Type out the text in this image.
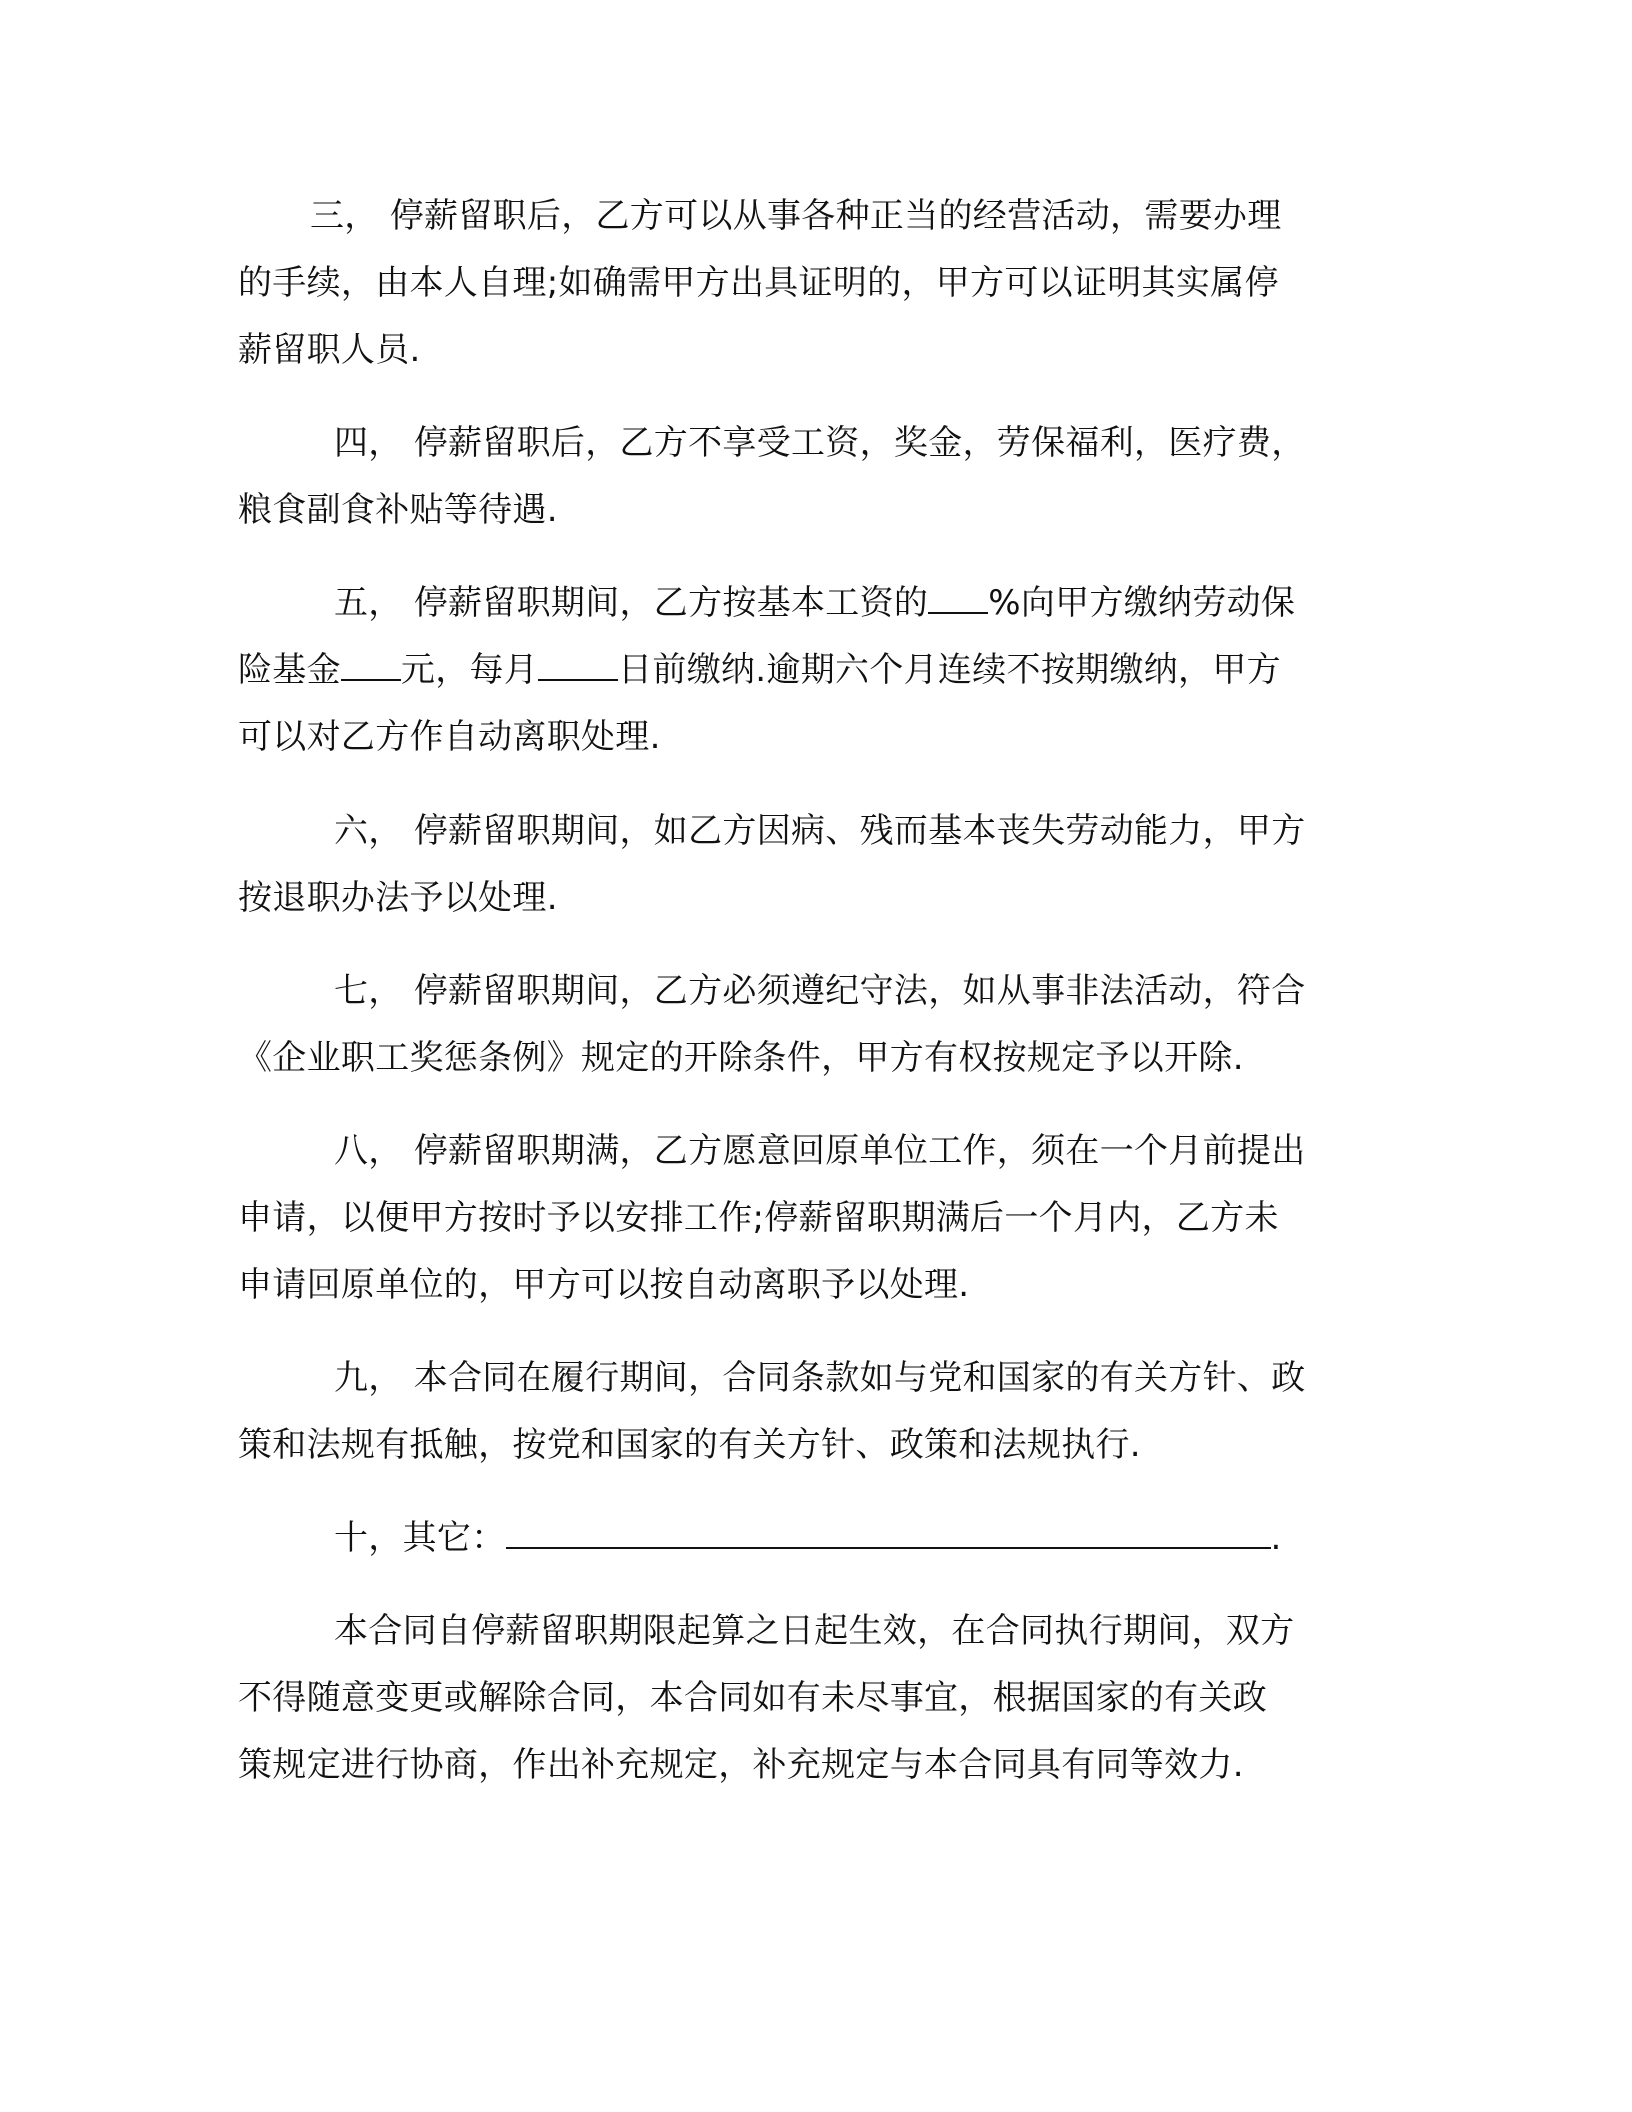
三， 停薪留职后，乙方可以从事各种正当的经营活动，需要办理
的手续，由本人自理;如确需甲方出具证明的，甲方可以证明其实属停
薪留职人员.
四， 停薪留职后，乙方不享受工资，奖金，劳保福利，医疗费，
粮食副食补贴等待遇.
五， 停薪留职期间，乙方按基本工资的 %向甲方缴纳劳动保
险基金 元，每月 日前缴纳.逾期六个月连续不按期缴纳，甲方
可以对乙方作自动离职处理.
六， 停薪留职期间，如乙方因病、残而基本丧失劳动能力，甲方
按退职办法予以处理.
七， 停薪留职期间，乙方必须遵纪守法，如从事非法活动，符合
《企业职工奖惩条例》规定的开除条件，甲方有权按规定予以开除.
八， 停薪留职期满，乙方愿意回原单位工作，须在一个月前提出
申请，以便甲方按时予以安排工作;停薪留职期满后一个月内，乙方未
申请回原单位的，甲方可以按自动离职予以处理.
九， 本合同在履行期间，合同条款如与党和国家的有关方针、政
策和法规有抵触，按党和国家的有关方针、政策和法规执行.
十，其它：	.
本合同自停薪留职期限起算之日起生效，在合同执行期间，双方
不得随意变更或解除合同，本合同如有未尽事宜，根据国家的有关政
策规定进行协商，作出补充规定，补充规定与本合同具有同等效力.
